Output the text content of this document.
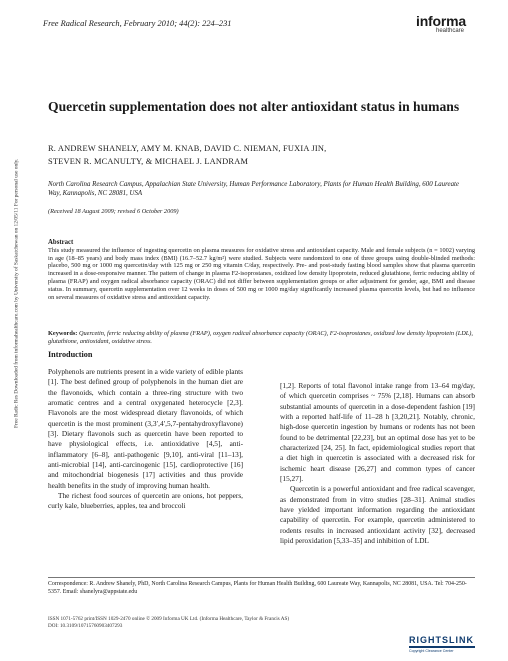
Free Radical Research, February 2010; 44(2): 224–231	informa
healthcare
Free Radic Res Downloaded from informahealthcare.com by University of Saskatchewan on 12/05/11 For personal use only.
Quercetin supplementation does not alter antioxidant status in humans
R. ANDREW SHANELY, AMY M. KNAB, DAVID C. NIEMAN, FUXIA JIN,
STEVEN R. MCANULTY, & MICHAEL J. LANDRAM
North Carolina Research Campus, Appalachian State University, Human Performance Laboratory, Plants for Human Health Building, 600 Laureate Way, Kannapolis, NC 28081, USA
(Received 18 August 2009; revised 6 October 2009)
Abstract
This study measured the influence of ingesting quercetin on plasma measures for oxidative stress and antioxidant capacity. Male and female subjects (n = 1002) varying in age (18–85 years) and body mass index (BMI) (16.7–52.7 kg/m²) were studied. Subjects were randomized to one of three groups using double-blinded methods: placebo, 500 mg or 1000 mg quercetin/day with 125 mg or 250 mg vitamin C/day, respectively. Pre- and post-study fasting blood samples show that plasma quercetin increased in a dose-responsive manner. The pattern of change in plasma F2-isoprostanes, oxidized low density lipoprotein, reduced glutathione, ferric reducing ability of plasma (FRAP) and oxygen radical absorbance capacity (ORAC) did not differ between supplementation groups or after adjustment for gender, age, BMI and disease status. In summary, quercetin supplementation over 12 weeks in doses of 500 mg or 1000 mg/day significantly increased plasma quercetin levels, but had no influence on several measures of oxidative stress and antioxidant capacity.
Keywords: Quercetin, ferric reducing ability of plasma (FRAP), oxygen radical absorbance capacity (ORAC), F2-isoprostanes, oxidized low density lipoprotein (LDL), glutathione, antioxidant, oxidative stress.
Introduction

Polyphenols are nutrients present in a wide variety of edible plants [1]. The best defined group of polyphenols in the human diet are the flavonoids, which contain a three-ring structure with two aromatic centres and a central oxygenated heterocycle [2,3]. Flavonols are the most widespread dietary flavonoids, of which quercetin is the most prominent (3,3′,4′,5,7-pentahydroxyflavone) [3]. Dietary flavonols such as quercetin have been reported to have physiological effects, i.e. antioxidative [4,5], anti-inflammatory [6–8], anti-pathogenic [9,10], anti-viral [11–13], anti-microbial [14], anti-carcinogenic [15], cardioprotective [16] and mitochondrial biogenesis [17] activities and thus provide health benefits in the study of improving human health.

The richest food sources of quercetin are onions, hot peppers, curly kale, blueberries, apples, tea and broccoli

[1,2]. Reports of total flavonol intake range from 13–64 mg/day, of which quercetin comprises ~ 75% [2,18]. Humans can absorb substantial amounts of quercetin in a dose-dependent fashion [19] with a reported half-life of 11–28 h [3,20,21]. Notably, chronic, high-dose quercetin ingestion by humans or rodents has not been found to be detrimental [22,23], but an optimal dose has yet to be characterized [24, 25]. In fact, epidemiological studies report that a diet high in quercetin is associated with a decreased risk for ischemic heart disease [26,27] and common types of cancer [15,27].

Quercetin is a powerful antioxidant and free radical scavenger, as demonstrated from in vitro studies [28–31]. Animal studies have yielded important information regarding the antioxidant capability of quercetin. For example, quercetin administered to rodents results in increased antioxidant activity [32], decreased lipid peroxidation [5,33–35] and inhibition of LDL

Correspondence: R. Andrew Shanely, PhD, North Carolina Research Campus, Plants for Human Health Building, 600 Laureate Way, Kannapolis, NC 28081, USA. Tel: 704-250-5357. Email: shanelyra@appstate.edu
ISSN 1071-5762 print/ISSN 1029-2470 online © 2009 Informa UK Ltd. (Informa Healthcare, Taylor & Francis AS)
DOI: 10.3109/10715760903407293
RIGHTSLINK
Copyright Clearance Center
